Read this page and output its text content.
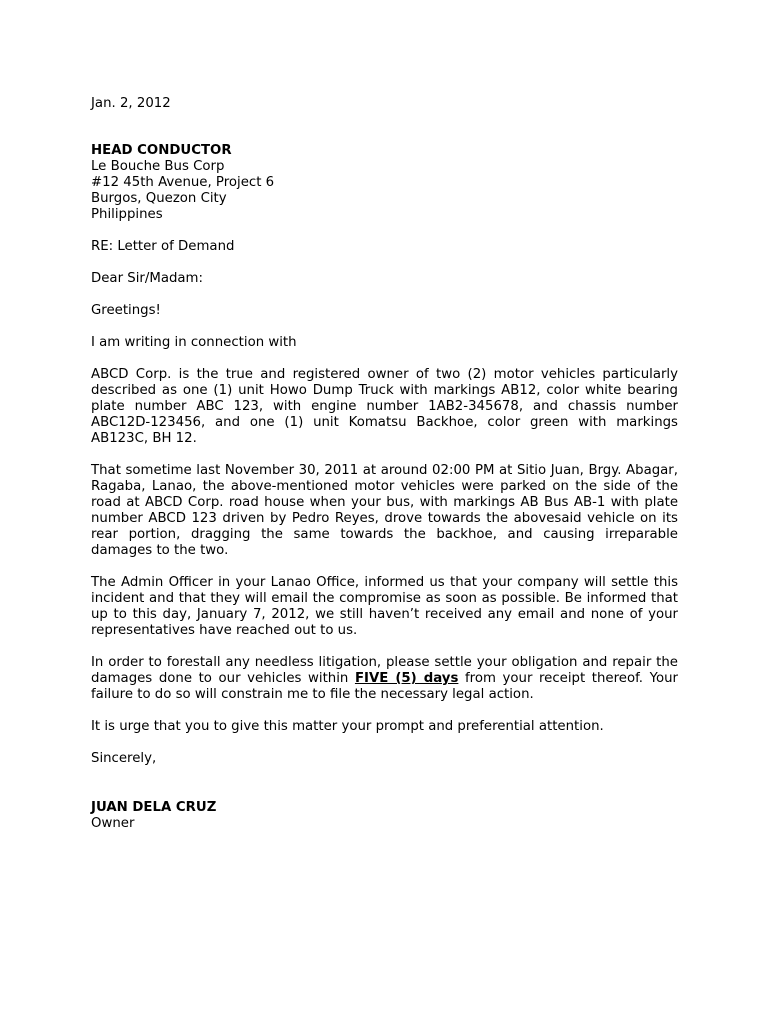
Jan. 2, 2012
HEAD CONDUCTOR
Le Bouche Bus Corp
#12 45th Avenue, Project 6
Burgos, Quezon City
Philippines
RE: Letter of Demand
Dear Sir/Madam:
Greetings!
I am writing in connection with

ABCD Corp. is the true and registered owner of two (2) motor vehicles particularly described as one (1) unit Howo Dump Truck with markings AB12, color white bearing plate number ABC 123, with engine number 1AB2-345678, and chassis number ABC12D-123456, and one (1) unit Komatsu Backhoe, color green with markings AB123C, BH 12.

That sometime last November 30, 2011 at around 02:00 PM at Sitio Juan, Brgy. Abagar, Ragaba, Lanao, the above-mentioned motor vehicles were parked on the side of the road at ABCD Corp. road house when your bus, with markings AB Bus AB-1 with plate number ABCD 123 driven by Pedro Reyes, drove towards the abovesaid vehicle on its rear portion, dragging the same towards the backhoe, and causing irreparable damages to the two.

The Admin Officer in your Lanao Office, informed us that your company will settle this incident and that they will email the compromise as soon as possible. Be informed that up to this day, January 7, 2012, we still haven’t received any email and none of your representatives have reached out to us.

In order to forestall any needless litigation, please settle your obligation and repair the damages done to our vehicles within FIVE (5) days from your receipt thereof. Your failure to do so will constrain me to file the necessary legal action.

It is urge that you to give this matter your prompt and preferential attention.
Sincerely,
JUAN DELA CRUZ
Owner
